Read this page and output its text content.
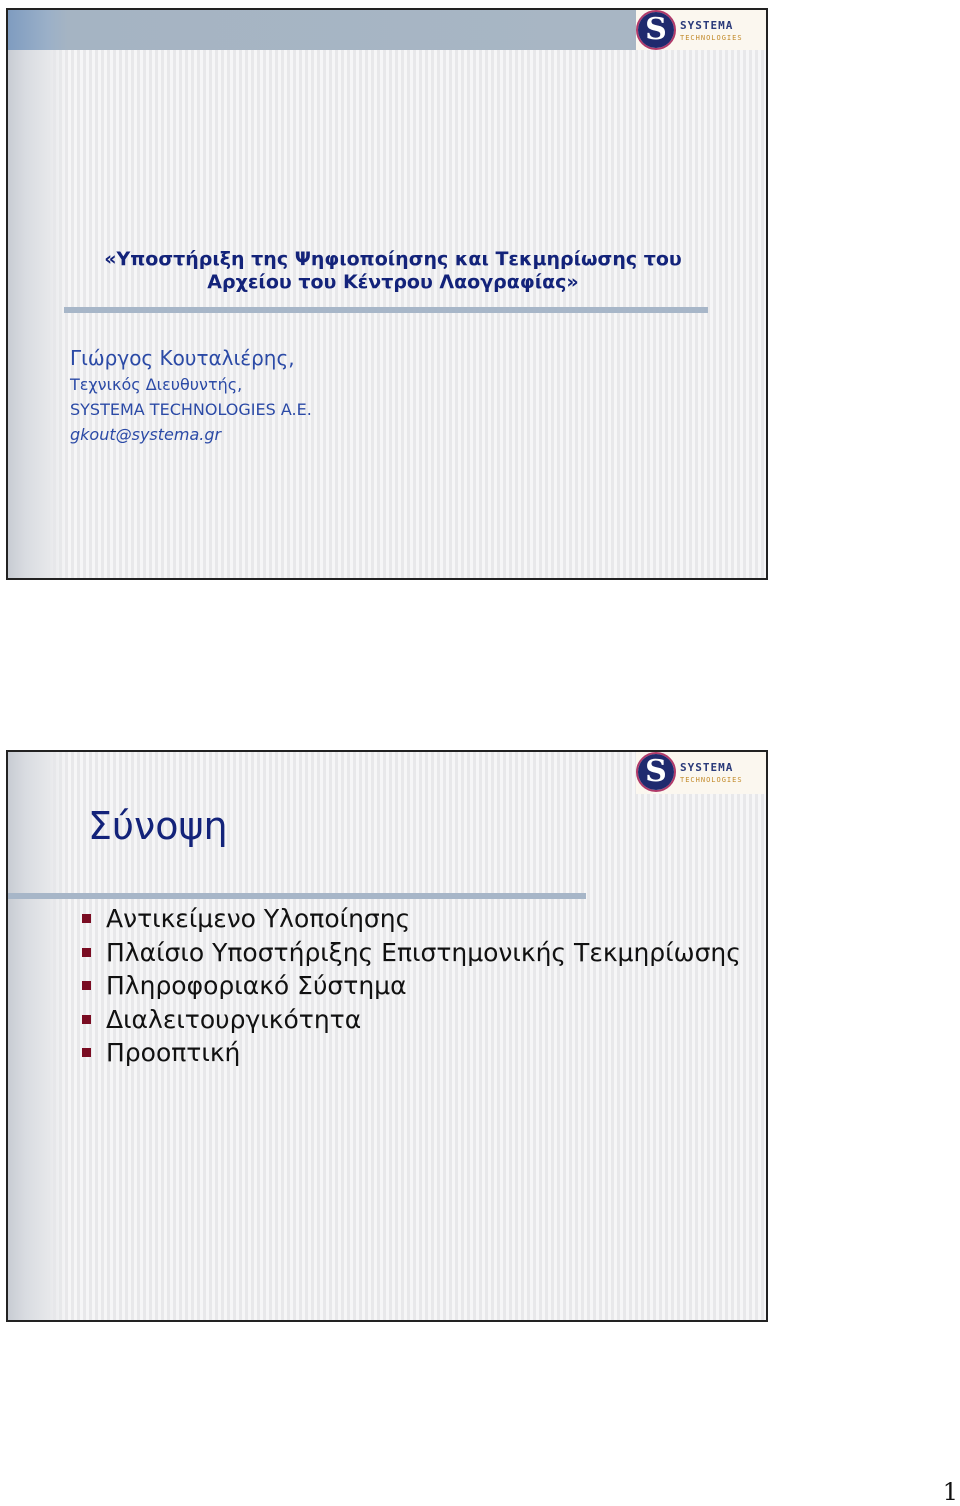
S	SYSTEMA
TECHNOLOGIES
«Υποστήριξη της Ψηφιοποίησης και Τεκμηρίωσης του
Αρχείου του Κέντρου Λαογραφίας»
Γιώργος Κουταλιέρης,
Τεχνικός Διευθυντής,
SYSTEMA TECHNOLOGIES A.E.
gkout@systema.gr
S	SYSTEMA
TECHNOLOGIES
Σύνοψη
Αντικείμενο Υλοποίησης
Πλαίσιο Υποστήριξης Επιστημονικής Τεκμηρίωσης
Πληροφοριακό Σύστημα
Διαλειτουργικότητα
Προοπτική
1
